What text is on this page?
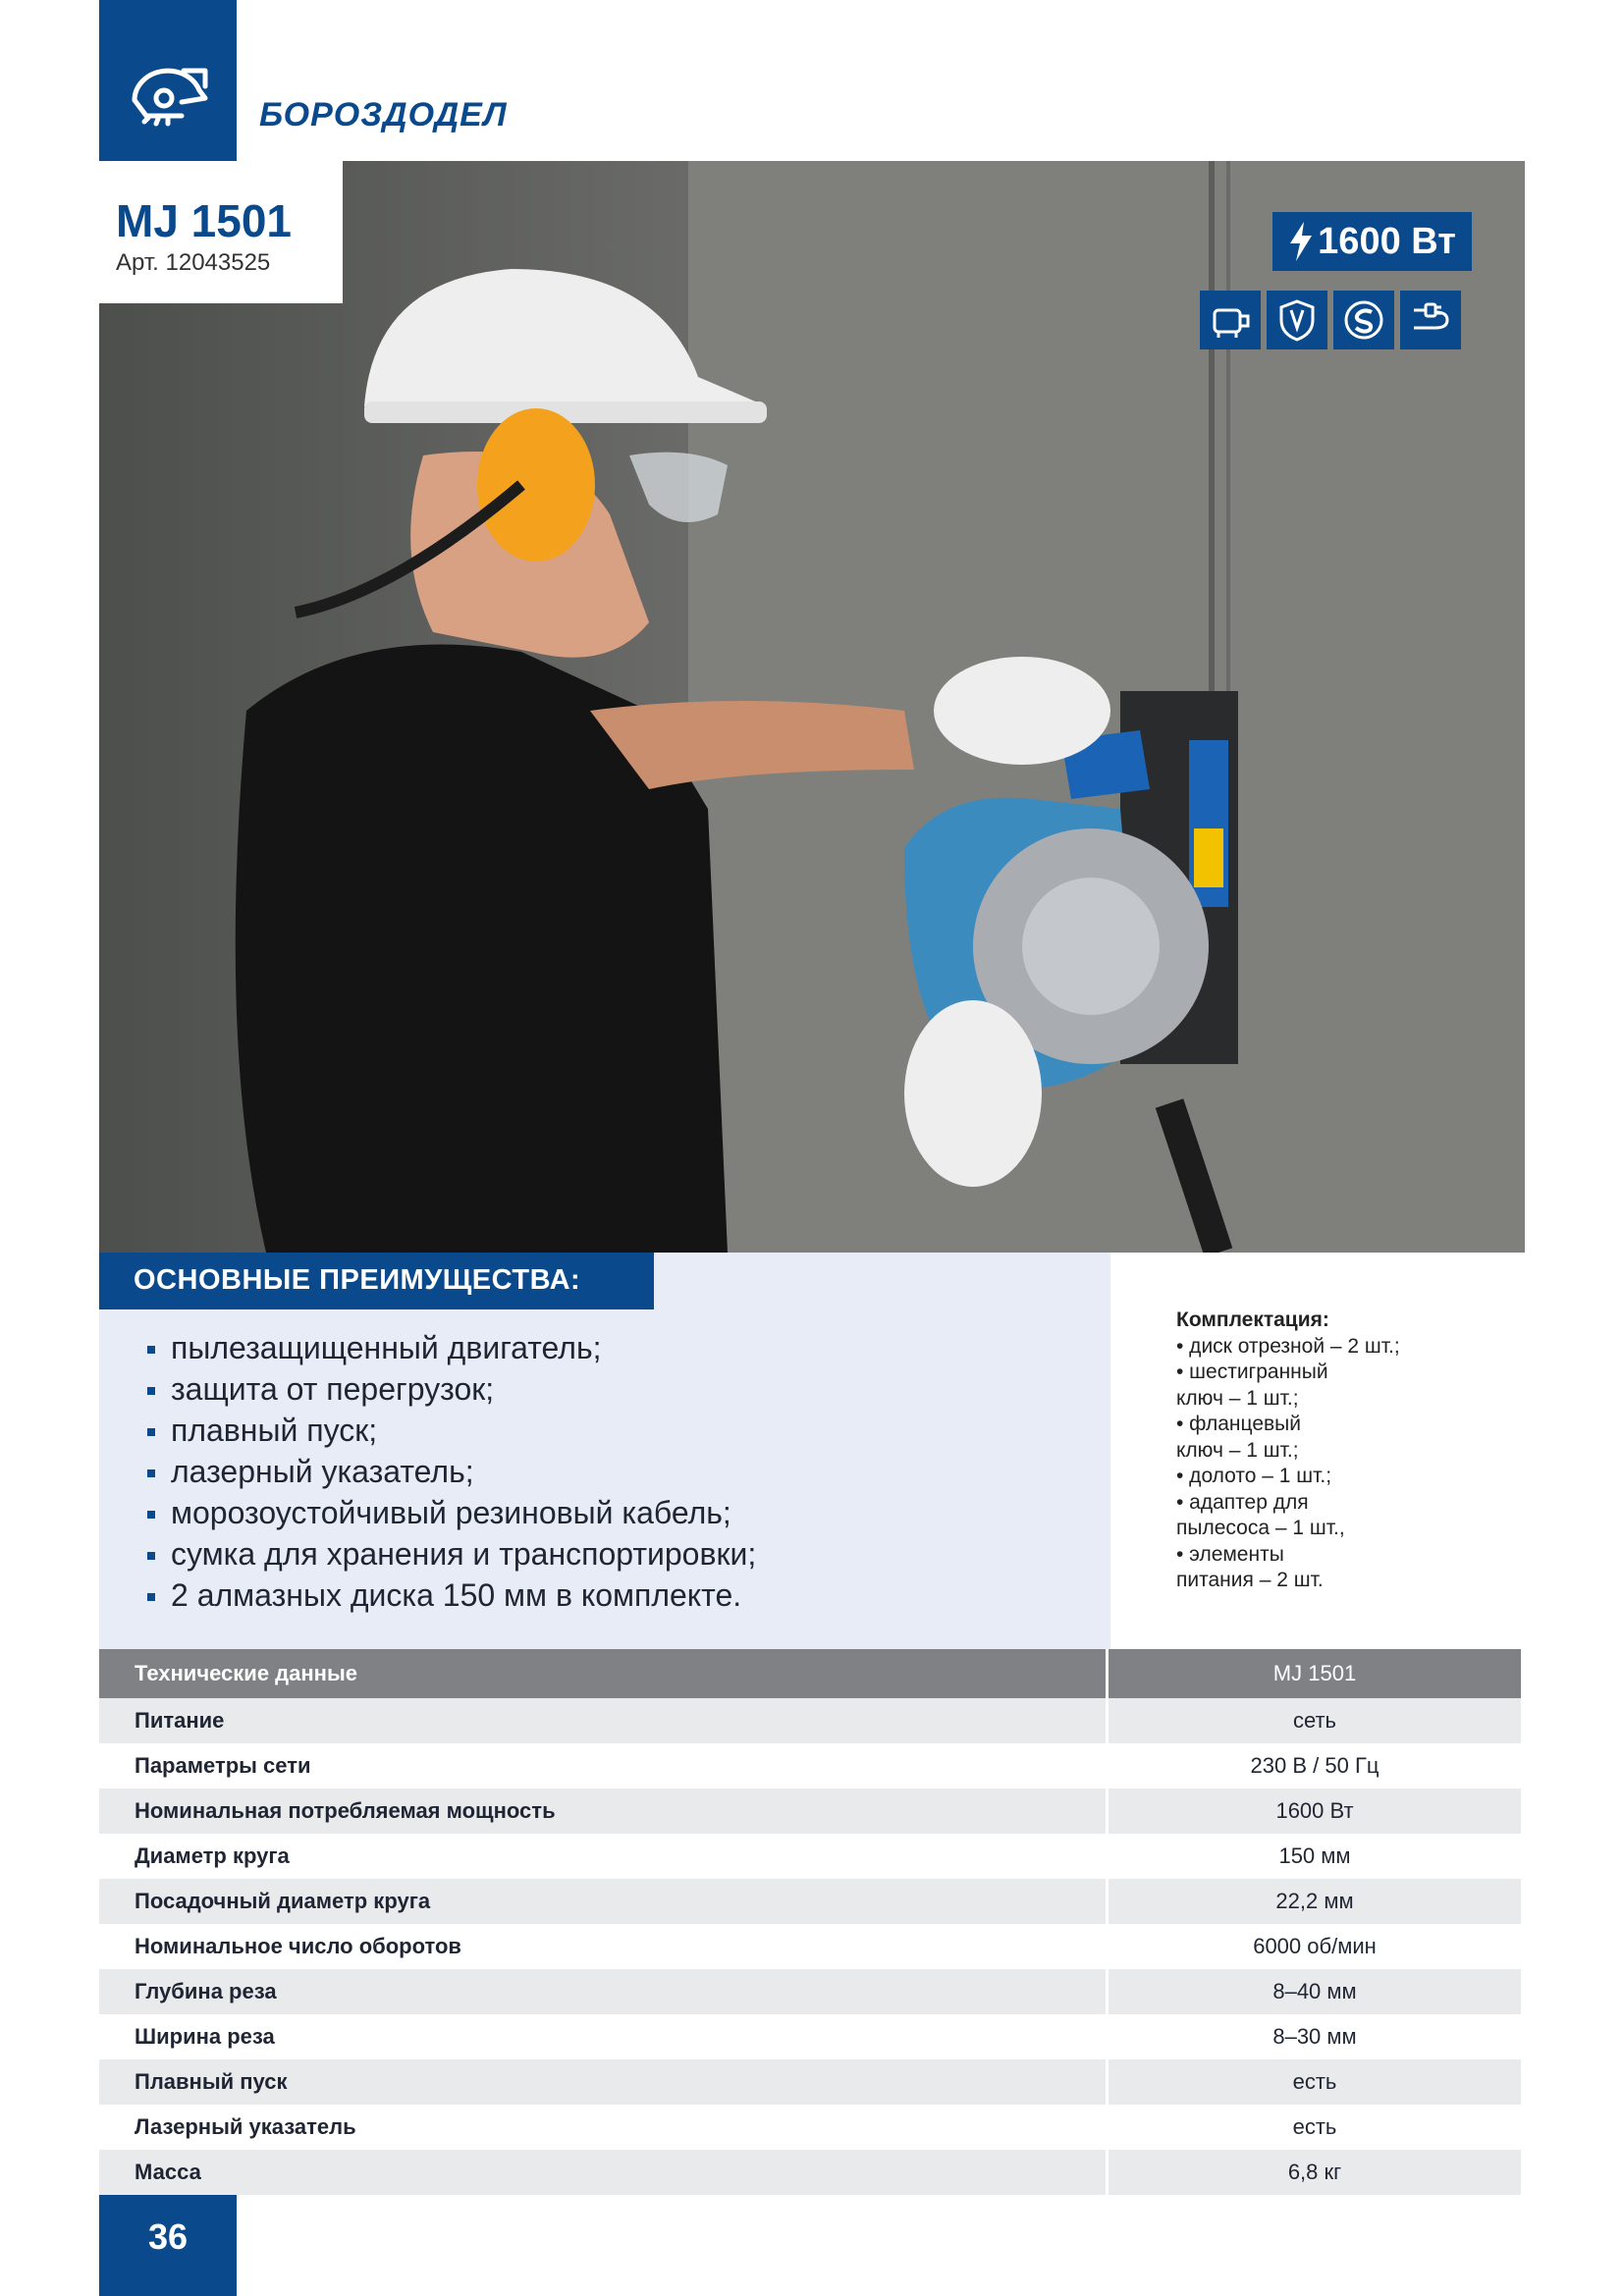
БОРОЗДОДЕЛ
MJ 1501
Арт. 12043525
1600 Вт
ОСНОВНЫЕ ПРЕИМУЩЕСТВА:
пылезащищенный двигатель;
защита от перегрузок;
плавный пуск;
лазерный указатель;
морозоустойчивый резиновый кабель;
сумка для хранения и транспортировки;
2 алмазных диска 150 мм в комплекте.
Комплектация:
• диск отрезной – 2 шт.;
• шестигранный
ключ – 1 шт.;
• фланцевый
ключ – 1 шт.;
• долото – 1 шт.;
• адаптер для
пылесоса – 1 шт.,
• элементы
питания – 2 шт.
Технические данные	MJ 1501
Питание	сеть
Параметры сети	230 В / 50 Гц
Номинальная потребляемая мощность	1600 Вт
Диаметр круга	150 мм
Посадочный диаметр круга	22,2 мм
Номинальное число оборотов	6000 об/мин
Глубина реза	8–40 мм
Ширина реза	8–30 мм
Плавный пуск	есть
Лазерный указатель	есть
Масса	6,8 кг
36
